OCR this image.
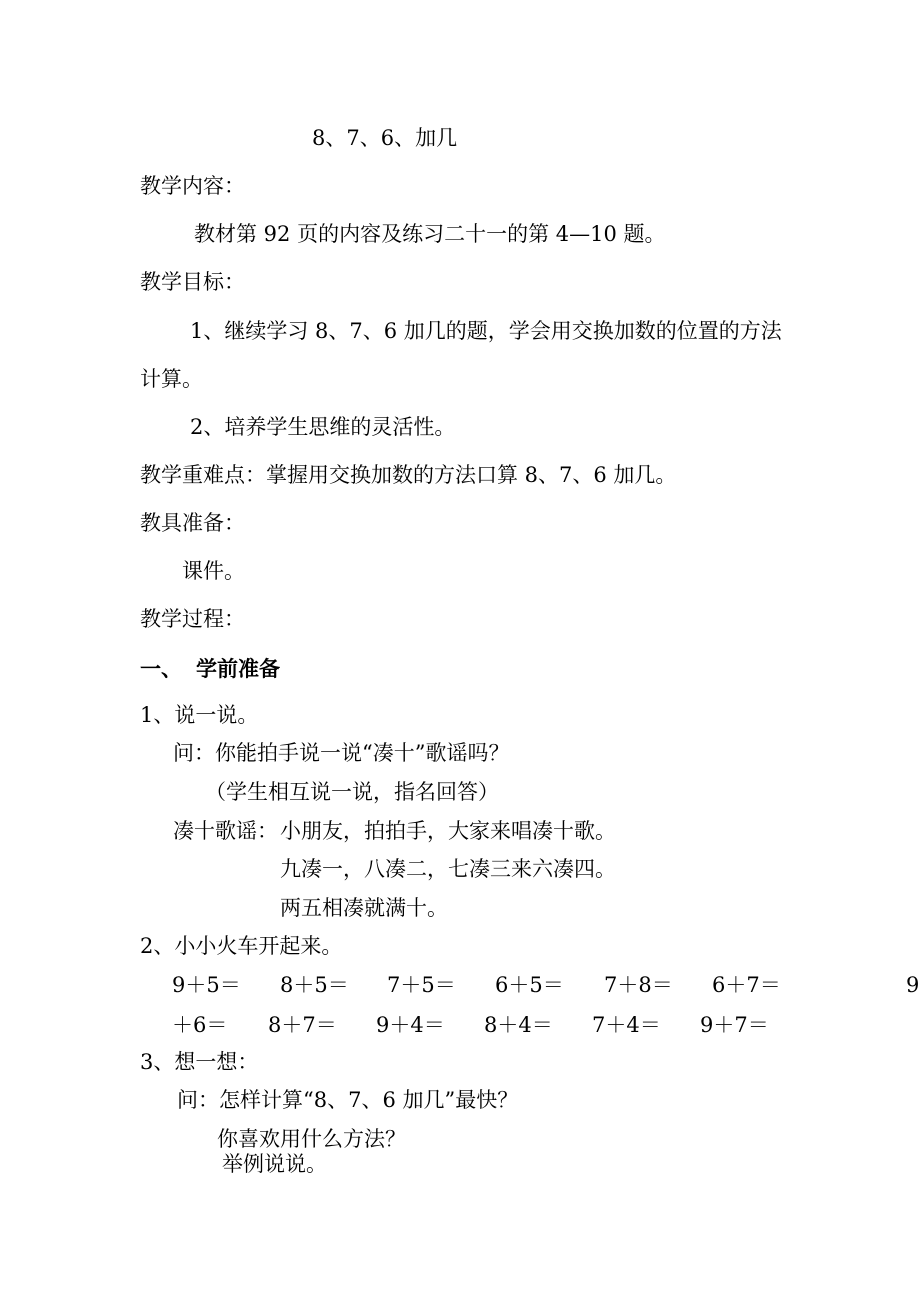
8、7、6、加几
教学内容：
教材第 92 页的内容及练习二十一的第 4—10 题。
教学目标：
1、继续学习 8、7、6 加几的题，学会用交换加数的位置的方法
计算。
2、培养学生思维的灵活性。
教学重难点：掌握用交换加数的方法口算 8、7、6 加几。
教具准备：
课件。
教学过程：
一、 学前准备
1、说一说。
问：你能拍手说一说“凑十”歌谣吗？
（学生相互说一说，指名回答）
凑十歌谣： 小朋友，拍拍手，大家来唱凑十歌。
九凑一，八凑二，七凑三来六凑四。
两五相凑就满十。
2、小小火车开起来。
9＋5＝ 8＋5＝ 7＋5＝ 6＋5＝ 7＋8＝ 6＋7＝	9
＋6＝ 8＋7＝ 9＋4＝ 8＋4＝ 7＋4＝ 9＋7＝
3、想一想：
问：怎样计算“8、7、6 加几”最快？
你喜欢用什么方法？
举例说说。
